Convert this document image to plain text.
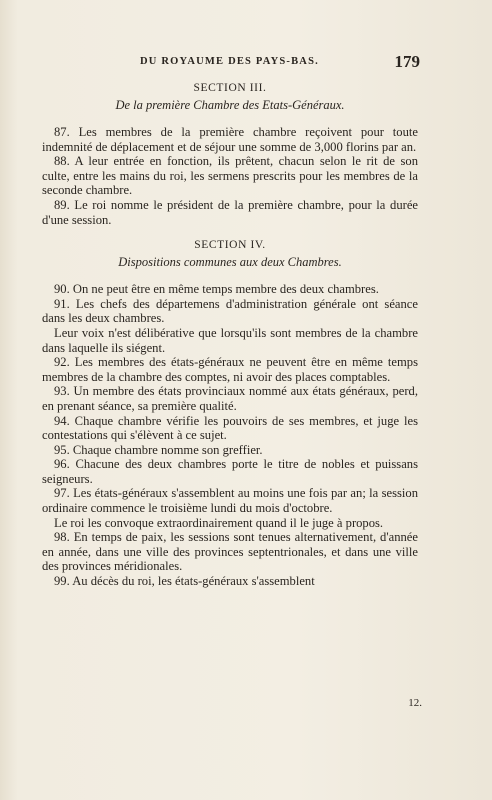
DU ROYAUME DES PAYS-BAS.	179
SECTION III.
De la première Chambre des Etats-Généraux.

87. Les membres de la première chambre reçoivent pour toute indemnité de déplacement et de séjour une somme de 3,000 florins par an.

88. A leur entrée en fonction, ils prêtent, chacun selon le rit de son culte, entre les mains du roi, les sermens prescrits pour les membres de la seconde chambre.

89. Le roi nomme le président de la première chambre, pour la durée d'une session.

SECTION IV.
Dispositions communes aux deux Chambres.

90. On ne peut être en même temps membre des deux chambres.

91. Les chefs des départemens d'administration générale ont séance dans les deux chambres.

Leur voix n'est délibérative que lorsqu'ils sont membres de la chambre dans laquelle ils siégent.

92. Les membres des états-généraux ne peuvent être en même temps membres de la chambre des comptes, ni avoir des places comptables.

93. Un membre des états provinciaux nommé aux états généraux, perd, en prenant séance, sa première qualité.

94. Chaque chambre vérifie les pouvoirs de ses membres, et juge les contestations qui s'élèvent à ce sujet.

95. Chaque chambre nomme son greffier.

96. Chacune des deux chambres porte le titre de nobles et puissans seigneurs.

97. Les états-généraux s'assemblent au moins une fois par an; la session ordinaire commence le troisième lundi du mois d'octobre.

Le roi les convoque extraordinairement quand il le juge à propos.

98. En temps de paix, les sessions sont tenues alternativement, d'année en année, dans une ville des provinces septentrionales, et dans une ville des provinces méridionales.

99. Au décès du roi, les états-généraux s'assemblent

12.
